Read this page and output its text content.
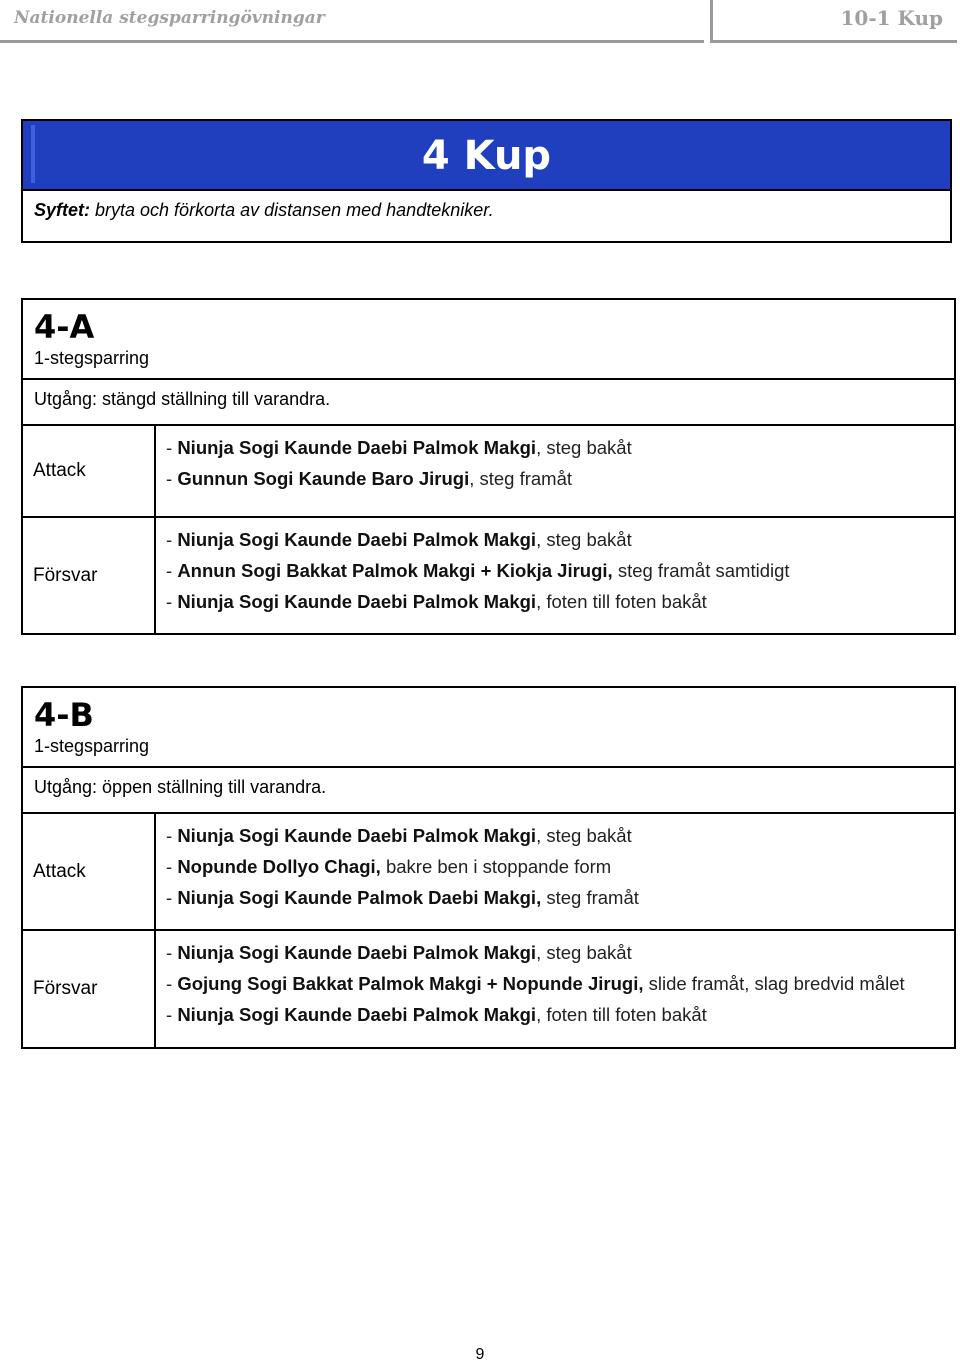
Nationella stegsparringövningar	10-1 Kup
4 Kup
Syftet: bryta och förkorta av distansen med handtekniker.
4-A
1-stegsparring
Utgång: stängd ställning till varandra.
Attack
- Niunja Sogi Kaunde Daebi Palmok Makgi, steg bakåt
- Gunnun Sogi Kaunde Baro Jirugi, steg framåt
Försvar
- Niunja Sogi Kaunde Daebi Palmok Makgi, steg bakåt
- Annun Sogi Bakkat Palmok Makgi + Kiokja Jirugi, steg framåt samtidigt
- Niunja Sogi Kaunde Daebi Palmok Makgi, foten till foten bakåt
4-B
1-stegsparring
Utgång: öppen ställning till varandra.
Attack
- Niunja Sogi Kaunde Daebi Palmok Makgi, steg bakåt
- Nopunde Dollyo Chagi, bakre ben i stoppande form
- Niunja Sogi Kaunde Palmok Daebi Makgi, steg framåt
Försvar
- Niunja Sogi Kaunde Daebi Palmok Makgi, steg bakåt
- Gojung Sogi Bakkat Palmok Makgi + Nopunde Jirugi, slide framåt, slag bredvid målet
- Niunja Sogi Kaunde Daebi Palmok Makgi, foten till foten bakåt
9
